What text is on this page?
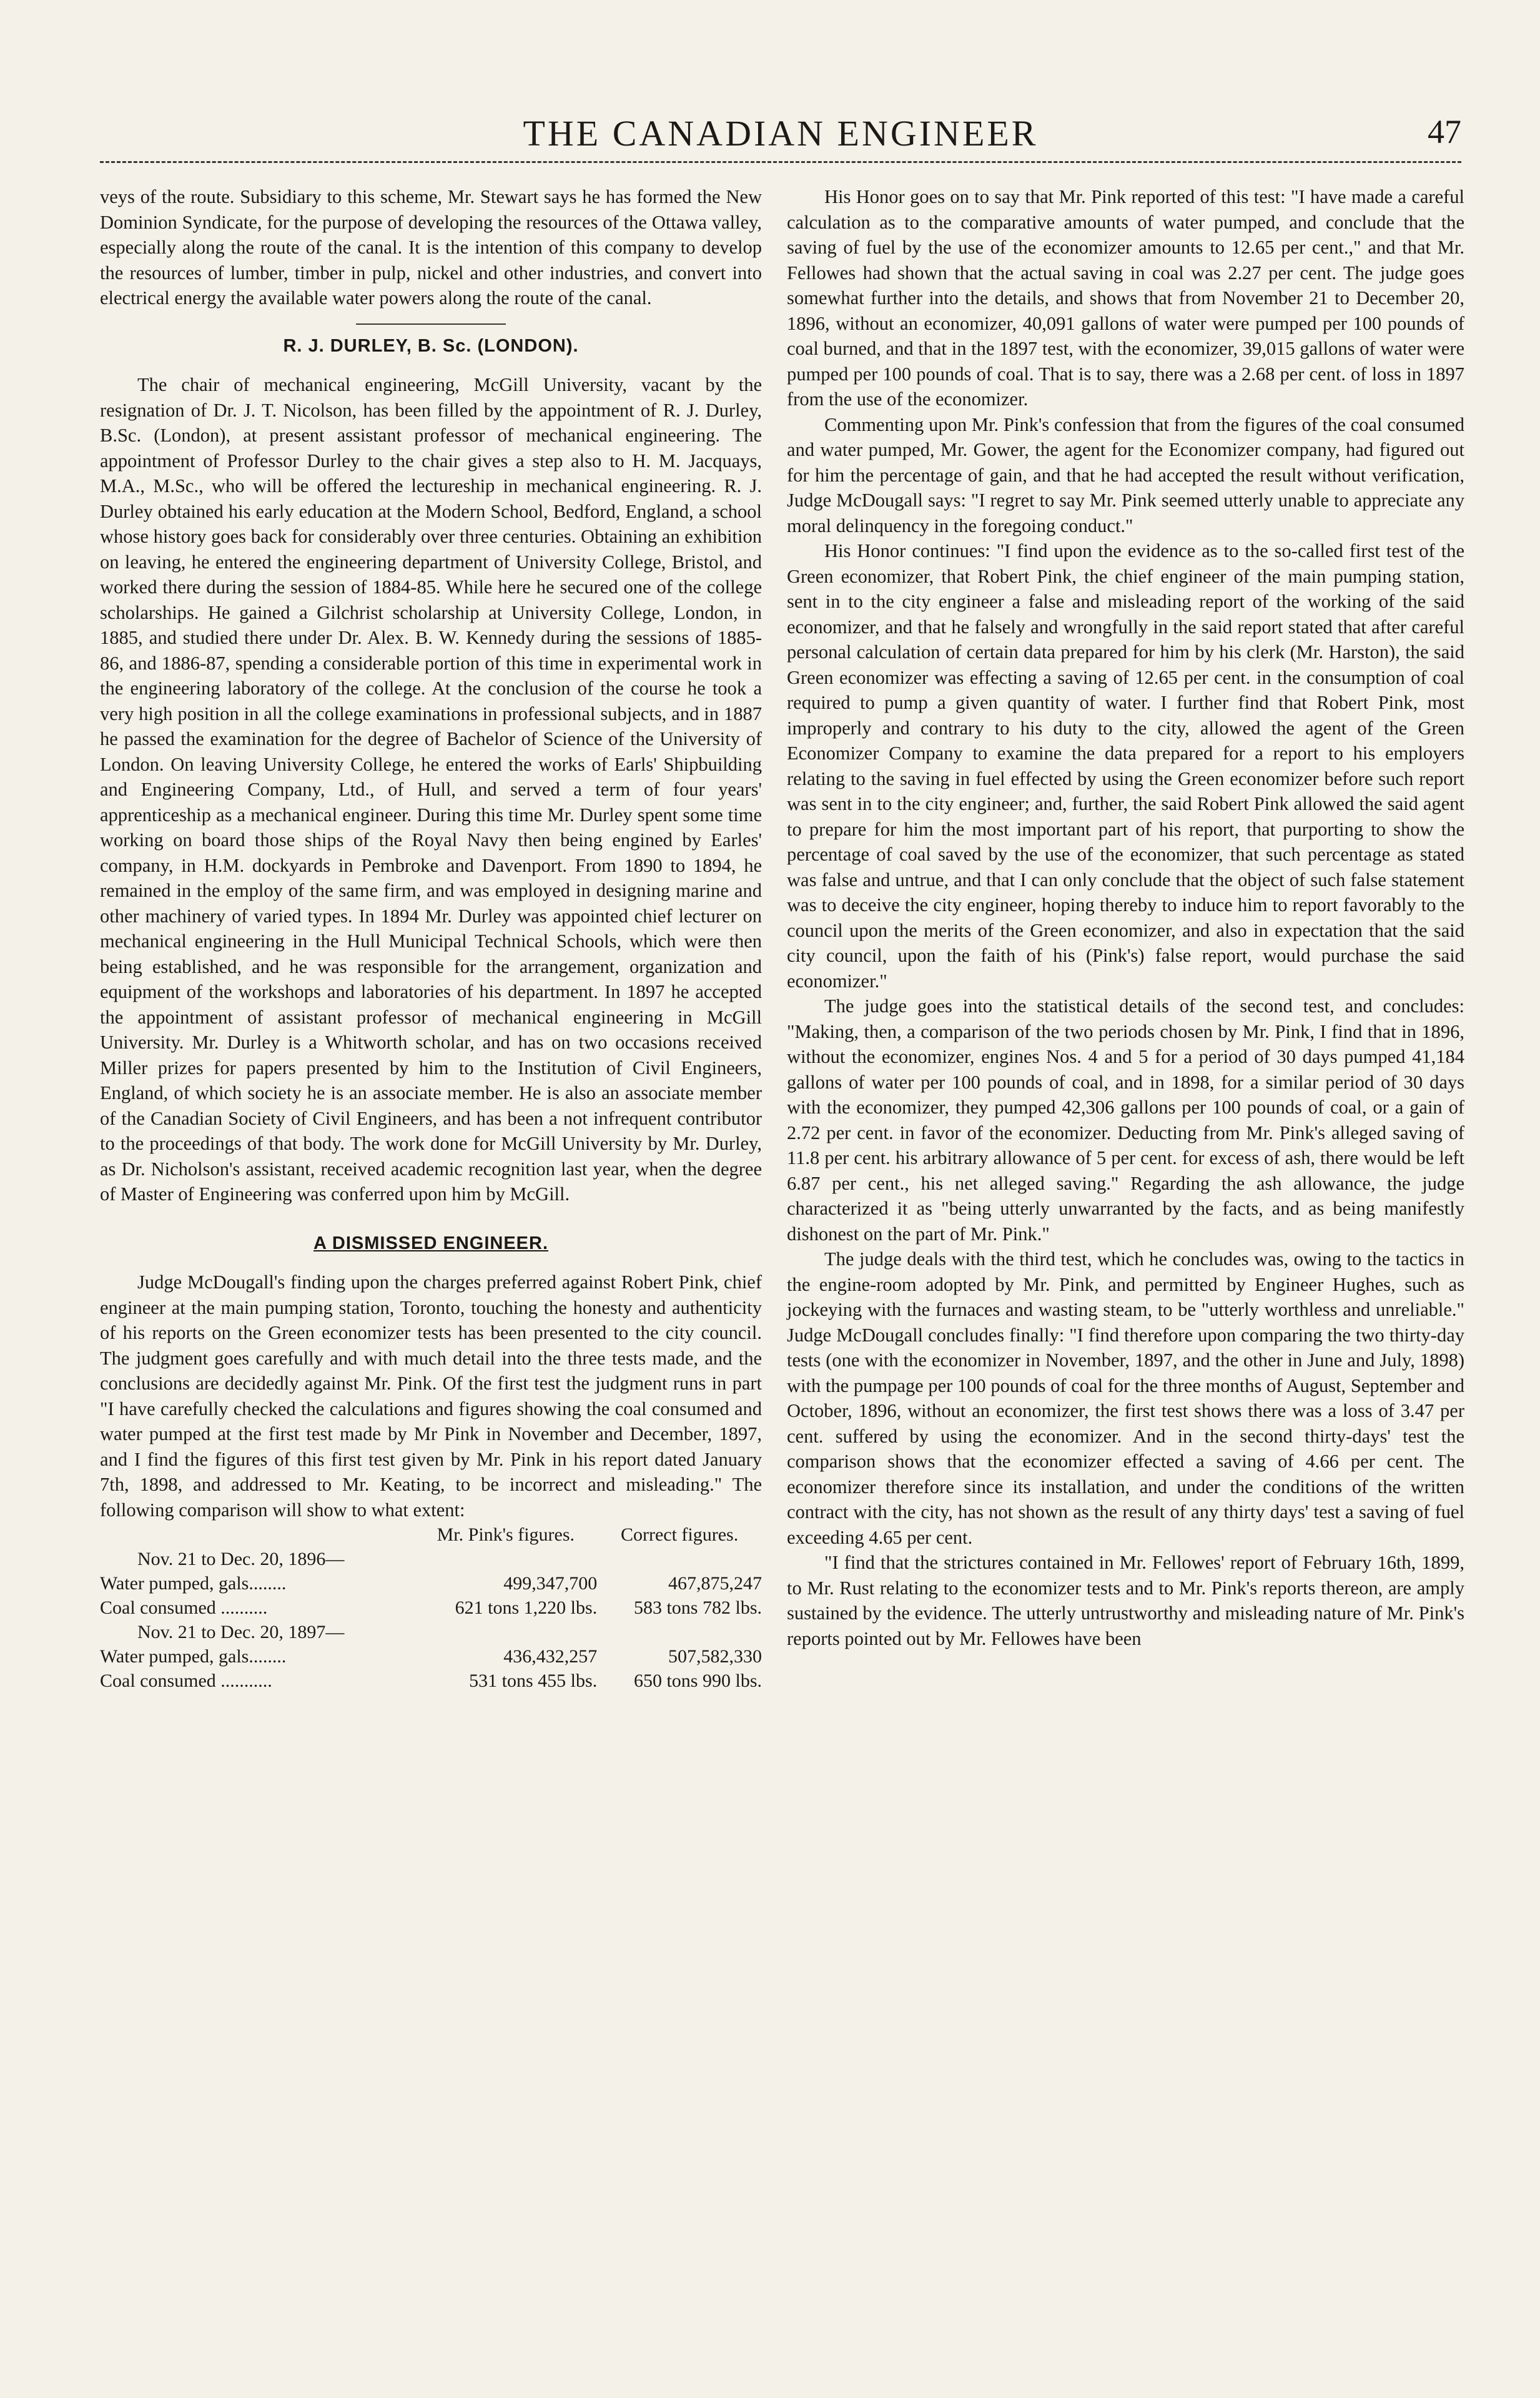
THE CANADIAN ENGINEER	47

veys of the route. Subsidiary to this scheme, Mr. Stewart says he has formed the New Dominion Syndicate, for the purpose of developing the resources of the Ottawa valley, especially along the route of the canal. It is the intention of this company to develop the resources of lumber, timber in pulp, nickel and other industries, and convert into electrical energy the available water powers along the route of the canal.

R. J. DURLEY, B. Sc. (LONDON).

The chair of mechanical engineering, McGill University, vacant by the resignation of Dr. J. T. Nicolson, has been filled by the appointment of R. J. Durley, B.Sc. (London), at present assistant professor of mechanical engineering. The appointment of Professor Durley to the chair gives a step also to H. M. Jacquays, M.A., M.Sc., who will be offered the lectureship in mechanical engineering. R. J. Durley obtained his early education at the Modern School, Bedford, England, a school whose history goes back for considerably over three centuries. Obtaining an exhibition on leaving, he entered the engineering department of University College, Bristol, and worked there during the session of 1884-85. While here he secured one of the college scholarships. He gained a Gilchrist scholarship at University College, London, in 1885, and studied there under Dr. Alex. B. W. Kennedy during the sessions of 1885-86, and 1886-87, spending a considerable portion of this time in experimental work in the engineering laboratory of the college. At the conclusion of the course he took a very high position in all the college examinations in professional subjects, and in 1887 he passed the examination for the degree of Bachelor of Science of the University of London. On leaving University College, he entered the works of Earls' Shipbuilding and Engineering Company, Ltd., of Hull, and served a term of four years' apprenticeship as a mechanical engineer. During this time Mr. Durley spent some time working on board those ships of the Royal Navy then being engined by Earles' company, in H.M. dockyards in Pembroke and Davenport. From 1890 to 1894, he remained in the employ of the same firm, and was employed in designing marine and other machinery of varied types. In 1894 Mr. Durley was appointed chief lecturer on mechanical engineering in the Hull Municipal Technical Schools, which were then being established, and he was responsible for the arrangement, organization and equipment of the workshops and laboratories of his department. In 1897 he accepted the appointment of assistant professor of mechanical engineering in McGill University. Mr. Durley is a Whitworth scholar, and has on two occasions received Miller prizes for papers presented by him to the Institution of Civil Engineers, England, of which society he is an associate member. He is also an associate member of the Canadian Society of Civil Engineers, and has been a not infrequent contributor to the proceedings of that body. The work done for McGill University by Mr. Durley, as Dr. Nicholson's assistant, received academic recognition last year, when the degree of Master of Engineering was conferred upon him by McGill.

A DISMISSED ENGINEER.

Judge McDougall's finding upon the charges preferred against Robert Pink, chief engineer at the main pumping station, Toronto, touching the honesty and authenticity of his reports on the Green economizer tests has been presented to the city council. The judgment goes carefully and with much detail into the three tests made, and the conclusions are decidedly against Mr. Pink. Of the first test the judgment runs in part "I have carefully checked the calculations and figures showing the coal consumed and water pumped at the first test made by Mr Pink in November and December, 1897, and I find the figures of this first test given by Mr. Pink in his report dated January 7th, 1898, and addressed to Mr. Keating, to be incorrect and misleading." The following comparison will show to what extent:

	Mr. Pink's figures.	Correct figures.
Nov. 21 to Dec. 20, 1896—		
Water pumped, gals........	499,347,700	467,875,247
Coal consumed ..........	621 tons 1,220 lbs.	583 tons 782 lbs.
Nov. 21 to Dec. 20, 1897—		
Water pumped, gals........	436,432,257	507,582,330
Coal consumed ...........	531 tons 455 lbs.	650 tons 990 lbs.

His Honor goes on to say that Mr. Pink reported of this test: "I have made a careful calculation as to the comparative amounts of water pumped, and conclude that the saving of fuel by the use of the economizer amounts to 12.65 per cent.," and that Mr. Fellowes had shown that the actual saving in coal was 2.27 per cent. The judge goes somewhat further into the details, and shows that from November 21 to December 20, 1896, without an economizer, 40,091 gallons of water were pumped per 100 pounds of coal burned, and that in the 1897 test, with the economizer, 39,015 gallons of water were pumped per 100 pounds of coal. That is to say, there was a 2.68 per cent. of loss in 1897 from the use of the economizer.

Commenting upon Mr. Pink's confession that from the figures of the coal consumed and water pumped, Mr. Gower, the agent for the Economizer company, had figured out for him the percentage of gain, and that he had accepted the result without verification, Judge McDougall says: "I regret to say Mr. Pink seemed utterly unable to appreciate any moral delinquency in the foregoing conduct."

His Honor continues: "I find upon the evidence as to the so-called first test of the Green economizer, that Robert Pink, the chief engineer of the main pumping station, sent in to the city engineer a false and misleading report of the working of the said economizer, and that he falsely and wrongfully in the said report stated that after careful personal calculation of certain data prepared for him by his clerk (Mr. Harston), the said Green economizer was effecting a saving of 12.65 per cent. in the consumption of coal required to pump a given quantity of water. I further find that Robert Pink, most improperly and contrary to his duty to the city, allowed the agent of the Green Economizer Company to examine the data prepared for a report to his employers relating to the saving in fuel effected by using the Green economizer before such report was sent in to the city engineer; and, further, the said Robert Pink allowed the said agent to prepare for him the most important part of his report, that purporting to show the percentage of coal saved by the use of the economizer, that such percentage as stated was false and untrue, and that I can only conclude that the object of such false statement was to deceive the city engineer, hoping thereby to induce him to report favorably to the council upon the merits of the Green economizer, and also in expectation that the said city council, upon the faith of his (Pink's) false report, would purchase the said economizer."

The judge goes into the statistical details of the second test, and concludes: "Making, then, a comparison of the two periods chosen by Mr. Pink, I find that in 1896, without the economizer, engines Nos. 4 and 5 for a period of 30 days pumped 41,184 gallons of water per 100 pounds of coal, and in 1898, for a similar period of 30 days with the economizer, they pumped 42,306 gallons per 100 pounds of coal, or a gain of 2.72 per cent. in favor of the economizer. Deducting from Mr. Pink's alleged saving of 11.8 per cent. his arbitrary allowance of 5 per cent. for excess of ash, there would be left 6.87 per cent., his net alleged saving." Regarding the ash allowance, the judge characterized it as "being utterly unwarranted by the facts, and as being manifestly dishonest on the part of Mr. Pink."

The judge deals with the third test, which he concludes was, owing to the tactics in the engine-room adopted by Mr. Pink, and permitted by Engineer Hughes, such as jockeying with the furnaces and wasting steam, to be "utterly worthless and unreliable." Judge McDougall concludes finally: "I find therefore upon comparing the two thirty-day tests (one with the economizer in November, 1897, and the other in June and July, 1898) with the pumpage per 100 pounds of coal for the three months of August, September and October, 1896, without an economizer, the first test shows there was a loss of 3.47 per cent. suffered by using the economizer. And in the second thirty-days' test the comparison shows that the economizer effected a saving of 4.66 per cent. The economizer therefore since its installation, and under the conditions of the written contract with the city, has not shown as the result of any thirty days' test a saving of fuel exceeding 4.65 per cent.

"I find that the strictures contained in Mr. Fellowes' report of February 16th, 1899, to Mr. Rust relating to the economizer tests and to Mr. Pink's reports thereon, are amply sustained by the evidence. The utterly untrustworthy and misleading nature of Mr. Pink's reports pointed out by Mr. Fellowes have been
